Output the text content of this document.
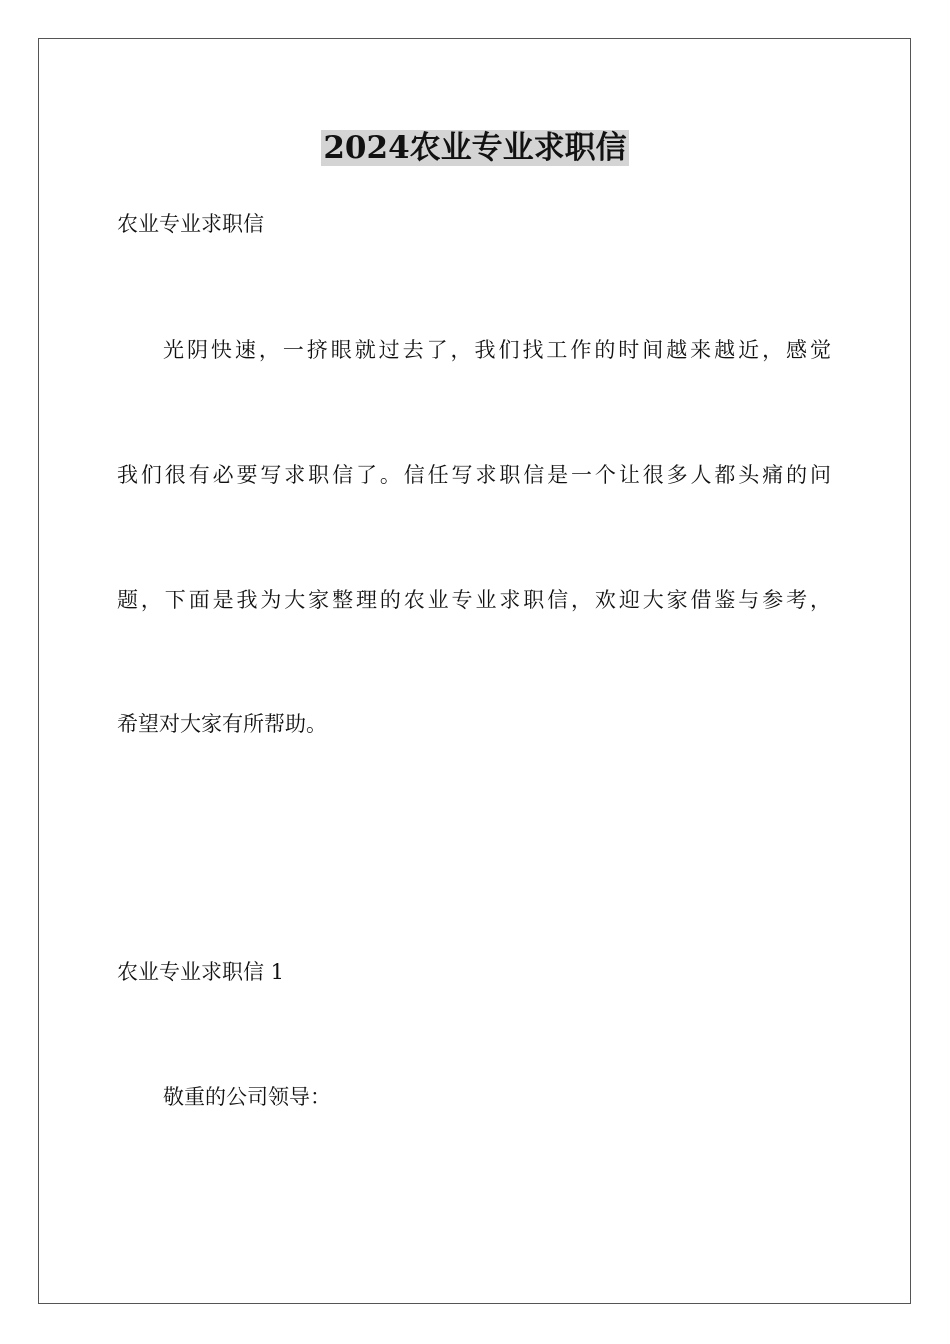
2024农业专业求职信
农业专业求职信
光阴快速，一挤眼就过去了，我们找工作的时间越来越近，感觉
我们很有必要写求职信了。信任写求职信是一个让很多人都头痛的问
题，下面是我为大家整理的农业专业求职信，欢迎大家借鉴与参考，
希望对大家有所帮助。
农业专业求职信 1
敬重的公司领导：
